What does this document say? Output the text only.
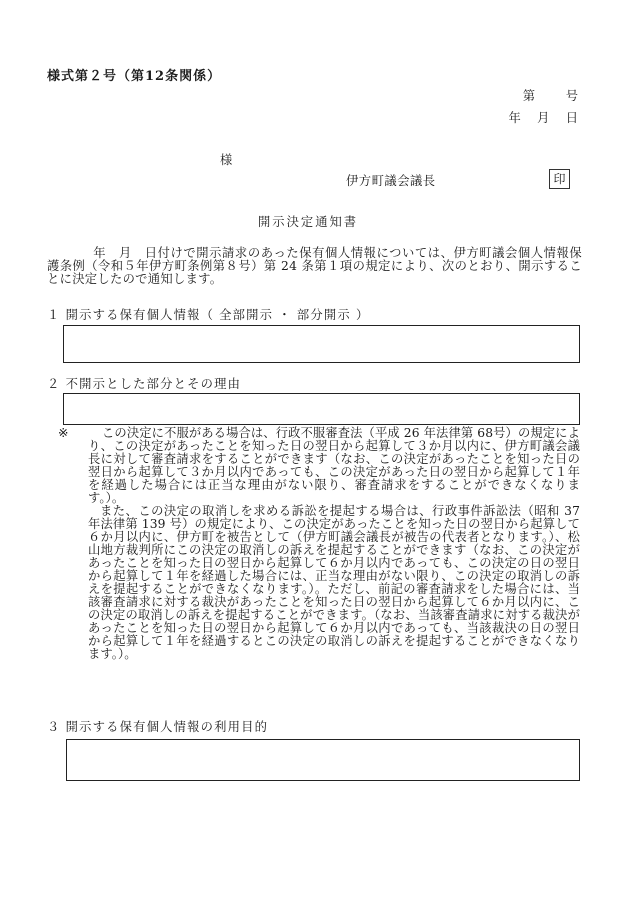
様式第２号（第12条関係）
第　　号
年　月　日
様
伊方町議会議長	印
開示決定通知書
年　月　日付けで開示請求のあった保有個人情報については、伊方町議会個人情報保護条例（令和５年伊方町条例第８号）第 24 条第１項の規定により、次のとおり、開示することに決定したので通知します。
１ 開示する保有個人情報（ 全部開示 ・ 部分開示 ）
２ 不開示とした部分とその理由
※	この決定に不服がある場合は、行政不服審査法（平成 26 年法律第 68号）の規定により、この決定があったことを知った日の翌日から起算して３か月以内に、伊方町議会議長に対して審査請求をすることができます（なお、この決定があったことを知った日の翌日から起算して３か月以内であっても、この決定があった日の翌日から起算して１年を経過した場合には正当な理由がない限り、審査請求をすることができなくなります。）。

また、この決定の取消しを求める訴訟を提起する場合は、行政事件訴訟法（昭和 37 年法律第 139 号）の規定により、この決定があったことを知った日の翌日から起算して６か月以内に、伊方町を被告として（伊方町議会議長が被告の代表者となります。）、松山地方裁判所にこの決定の取消しの訴えを提起することができます（なお、この決定があったことを知った日の翌日から起算して６か月以内であっても、この決定の日の翌日から起算して１年を経過した場合には、正当な理由がない限り、この決定の取消しの訴えを提起することができなくなります。）。ただし、前記の審査請求をした場合には、当該審査請求に対する裁決があったことを知った日の翌日から起算して６か月以内に、この決定の取消しの訴えを提起することができます。（なお、当該審査請求に対する裁決があったことを知った日の翌日から起算して６か月以内であっても、当該裁決の日の翌日から起算して１年を経過するとこの決定の取消しの訴えを提起することができなくなります。）。

３ 開示する保有個人情報の利用目的
